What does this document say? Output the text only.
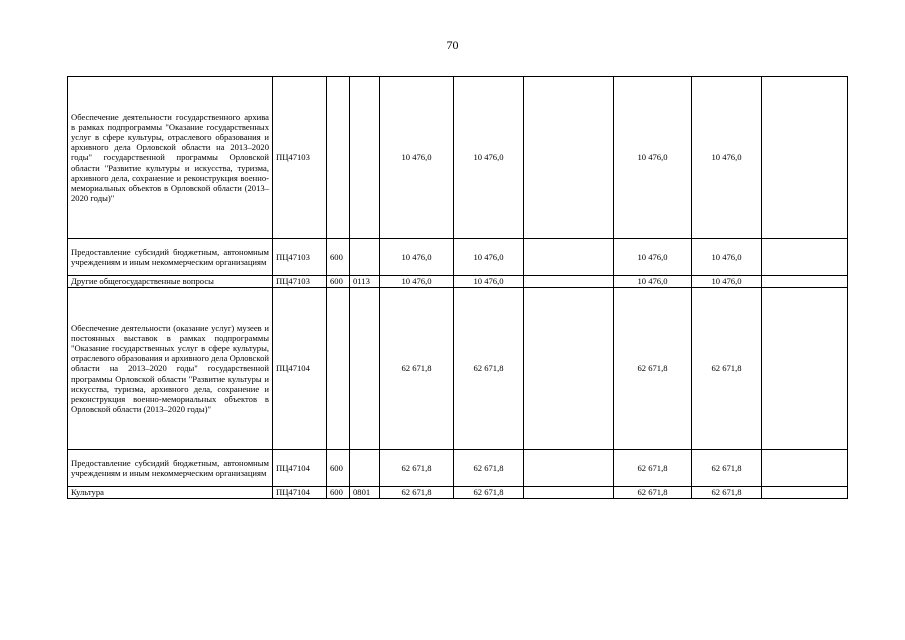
70
Обеспечение деятельности государственного архива в рамках подпрограммы "Оказание государственных услуг в сфере культуры, отраслевого образования и архивного дела Орловской области на 2013–2020 годы" государственной программы Орловской области "Развитие культуры и искусства, туризма, архивного дела, сохранение и реконструкция военно-мемориальных объектов в Орловской области (2013–2020 годы)"	ПЦ47103			10 476,0	10 476,0		10 476,0	10 476,0	
Предоставление субсидий бюджетным, автономным учреждениям и иным некоммерческим организациям	ПЦ47103	600		10 476,0	10 476,0		10 476,0	10 476,0	
Другие общегосударственные вопросы	ПЦ47103	600	0113	10 476,0	10 476,0		10 476,0	10 476,0	
Обеспечение деятельности (оказание услуг) музеев и постоянных выставок в рамках подпрограммы "Оказание государственных услуг в сфере культуры, отраслевого образования и архивного дела Орловской области на 2013–2020 годы" государственной программы Орловской области "Развитие культуры и искусства, туризма, архивного дела, сохранение и реконструкция военно-мемориальных объектов в Орловской области (2013–2020 годы)"	ПЦ47104			62 671,8	62 671,8		62 671,8	62 671,8	
Предоставление субсидий бюджетным, автономным учреждениям и иным некоммерческим организациям	ПЦ47104	600		62 671,8	62 671,8		62 671,8	62 671,8	
Культура	ПЦ47104	600	0801	62 671,8	62 671,8		62 671,8	62 671,8	
